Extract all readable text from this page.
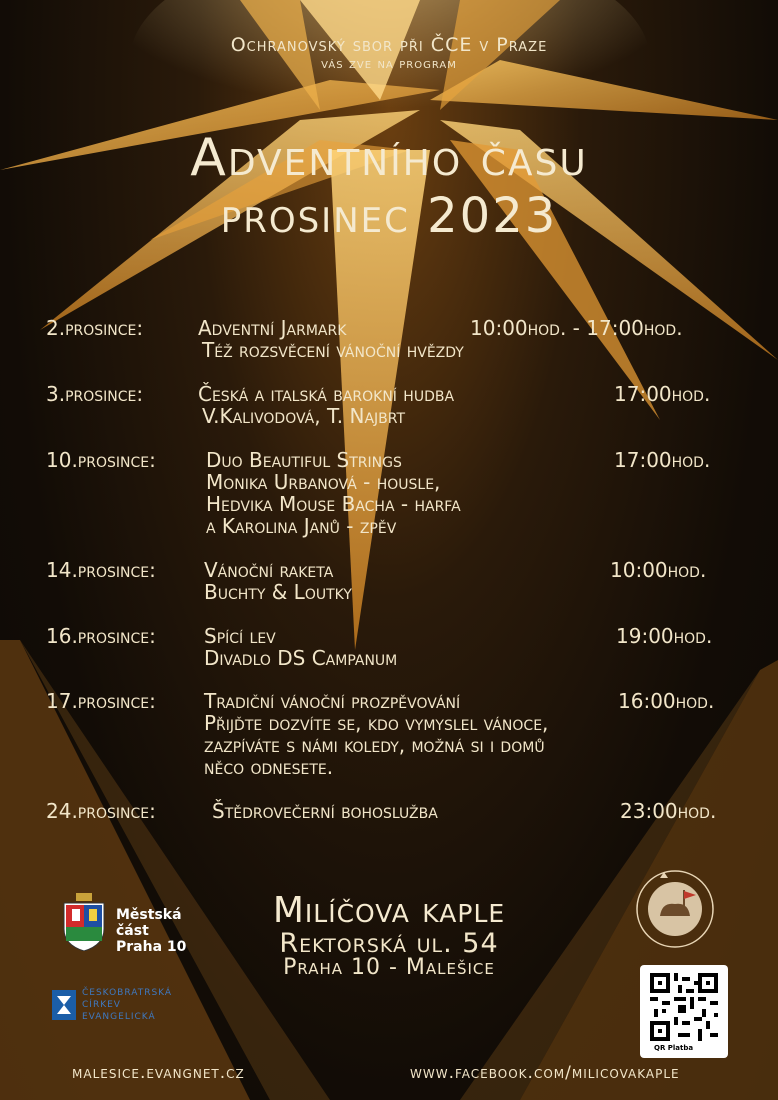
Ochranovský sbor při ČCE v Praze
vás zve na program
Adventního času
prosinec 2023
2.prosince:	Adventní Jarmark
Též rozsvěcení vánoční hvězdy
10:00hod. - 17:00hod.
3.prosince:	Česká a italská barokní hudba
V.Kalivodová, T. Najbrt
17:00hod.
10.prosince:	Duo Beautiful Strings
Monika Urbanová - housle,
Hedvika Mouse Bacha - harfa
a Karolina Janů - zpěv
17:00hod.
14.prosince: Vánoční raketa
Buchty & Loutky
10:00hod.
16.prosince: Spící lev
Divadlo DS Campanum
19:00hod.
17.prosince: Tradiční vánoční prozpěvování
Přijďte dozvíte se, kdo vymyslel vánoce,
zazpíváte s námi koledy, možná si i domů
něco odnesete.
16:00hod.
24.prosince:	Štědrovečerní bohoslužba	23:00hod.
Milíčova kaple
Rektorská ul. 54
Praha 10 - Malešice
Městská
část
Praha 10
ČESKOBRATRSKÁ
CÍRKEV
EVANGELICKÁ
QR Platba
malesice.evangnet.cz	www.facebook.com/milicovakaple
